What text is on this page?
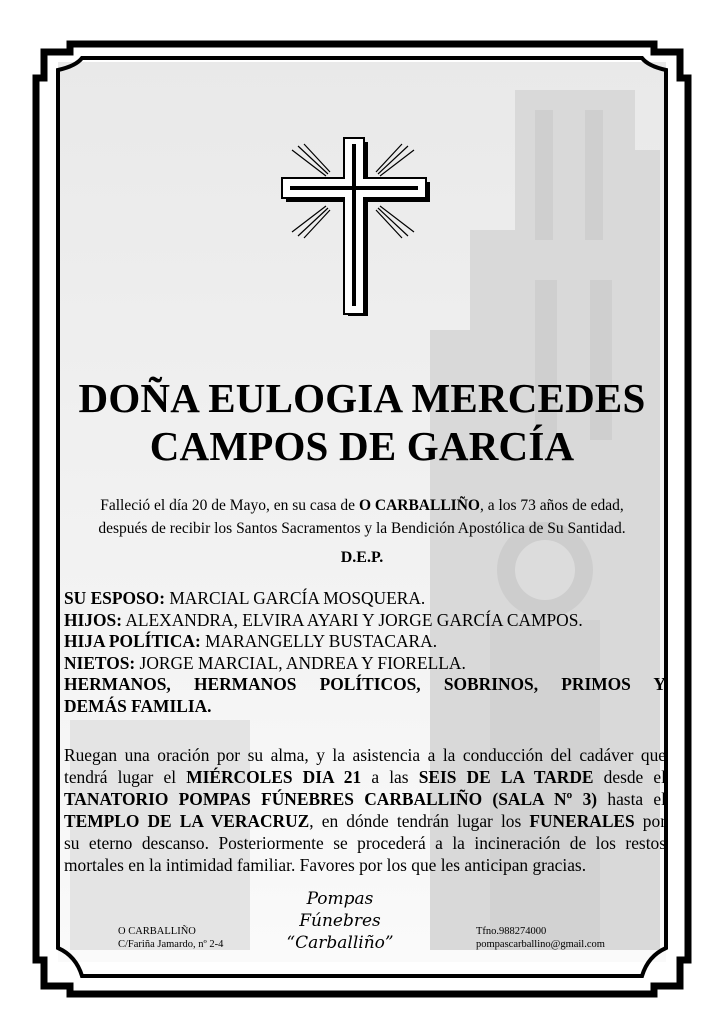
DOÑA EULOGIA MERCEDES
CAMPOS DE GARCÍA
Falleció el día 20 de Mayo, en su casa de O CARBALLIÑO, a los 73 años de edad,
después de recibir los Santos Sacramentos y la Bendición Apostólica de Su Santidad.
D.E.P.
SU ESPOSO: MARCIAL GARCÍA MOSQUERA.
HIJOS: ALEXANDRA, ELVIRA AYARI Y JORGE GARCÍA CAMPOS.
HIJA POLÍTICA: MARANGELLY BUSTACARA.
NIETOS: JORGE MARCIAL, ANDREA Y FIORELLA.
HERMANOS, HERMANOS POLÍTICOS, SOBRINOS, PRIMOS Y
DEMÁS FAMILIA.
Ruegan una oración por su alma, y la asistencia a la conducción del cadáver que
tendrá lugar el MIÉRCOLES DIA 21 a las SEIS DE LA TARDE desde el
TANATORIO POMPAS FÚNEBRES CARBALLIÑO (SALA Nº 3) hasta el
TEMPLO DE LA VERACRUZ, en dónde tendrán lugar los FUNERALES por
su eterno descanso. Posteriormente se procederá a la incineración de los restos
mortales en la intimidad familiar. Favores por los que les anticipan gracias.
O CARBALLIÑO
C/Fariña Jamardo, nº 2-4
Pompas Fúnebres
“Carballiño”
Tfno.988274000
pompascarballino@gmail.com
